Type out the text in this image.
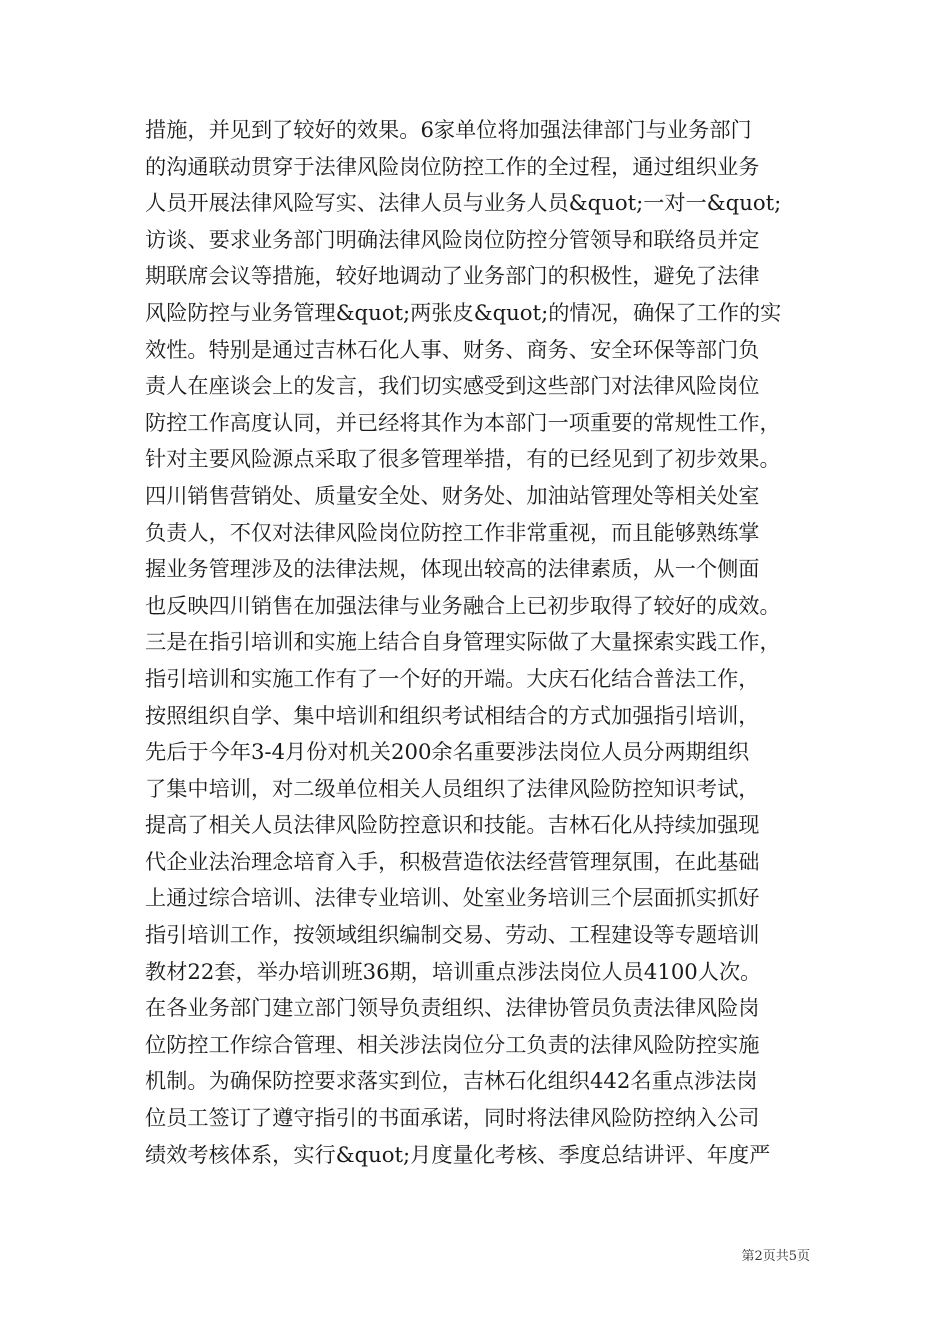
措施，并见到了较好的效果。6家单位将加强法律部门与业务部门
的沟通联动贯穿于法律风险岗位防控工作的全过程，通过组织业务
人员开展法律风险写实、法律人员与业务人员&quot;一对一&quot;
访谈、要求业务部门明确法律风险岗位防控分管领导和联络员并定
期联席会议等措施，较好地调动了业务部门的积极性，避免了法律
风险防控与业务管理&quot;两张皮&quot;的情况，确保了工作的实
效性。特别是通过吉林石化人事、财务、商务、安全环保等部门负
责人在座谈会上的发言，我们切实感受到这些部门对法律风险岗位
防控工作高度认同，并已经将其作为本部门一项重要的常规性工作，
针对主要风险源点采取了很多管理举措，有的已经见到了初步效果。
四川销售营销处、质量安全处、财务处、加油站管理处等相关处室
负责人，不仅对法律风险岗位防控工作非常重视，而且能够熟练掌
握业务管理涉及的法律法规，体现出较高的法律素质，从一个侧面
也反映四川销售在加强法律与业务融合上已初步取得了较好的成效。
三是在指引培训和实施上结合自身管理实际做了大量探索实践工作，
指引培训和实施工作有了一个好的开端。大庆石化结合普法工作，
按照组织自学、集中培训和组织考试相结合的方式加强指引培训，
先后于今年3-4月份对机关200余名重要涉法岗位人员分两期组织
了集中培训，对二级单位相关人员组织了法律风险防控知识考试，
提高了相关人员法律风险防控意识和技能。吉林石化从持续加强现
代企业法治理念培育入手，积极营造依法经营管理氛围，在此基础
上通过综合培训、法律专业培训、处室业务培训三个层面抓实抓好
指引培训工作，按领域组织编制交易、劳动、工程建设等专题培训
教材22套，举办培训班36期，培训重点涉法岗位人员4100人次。
在各业务部门建立部门领导负责组织、法律协管员负责法律风险岗
位防控工作综合管理、相关涉法岗位分工负责的法律风险防控实施
机制。为确保防控要求落实到位，吉林石化组织442名重点涉法岗
位员工签订了遵守指引的书面承诺，同时将法律风险防控纳入公司
绩效考核体系，实行&quot;月度量化考核、季度总结讲评、年度严
第2页共5页
